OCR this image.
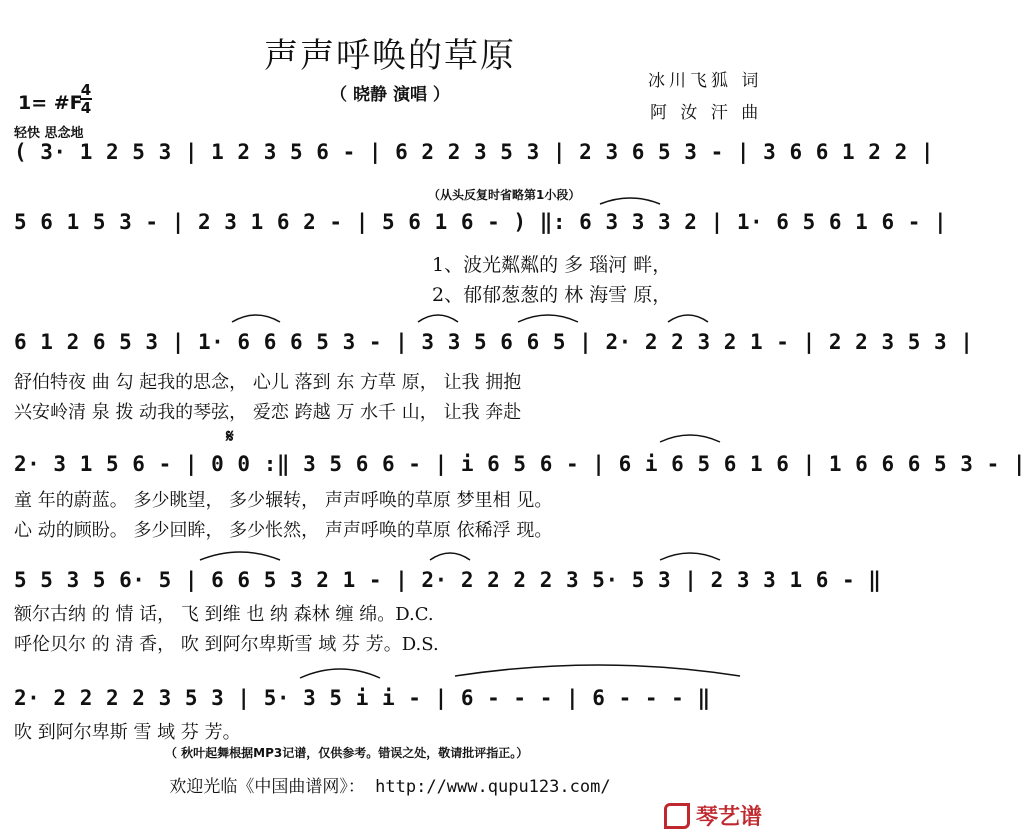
声声呼唤的草原
（ 晓静 演唱 ）
冰川飞狐 词
阿 汝 汗 曲
1= #F
4
4
轻快 思念地
( 3· 1 2 5 3 | 1 2 3 5 6 - | 6 2 2 3 5 3 | 2 3 6 5 3 - | 3 6 6 1 2 2 |
（从头反复时省略第1小段）
5 6 1 5 3 - | 2 3 1 6 2 - | 5 6 1 6 - ) ‖: 6 3 3 3 2 | 1· 6 5 6 1 6 - |
1、波光粼粼的 多 瑙河 畔，
2、郁郁葱葱的 林 海雪 原，
6 1 2 6 5 3 | 1· 6 6 6 5 3 - | 3 3 5 6 6 5 | 2· 2 2 3 2 1 - | 2 2 3 5 3 |
舒伯特夜 曲 勾 起我的思念， 心儿 落到 东 方草 原， 让我 拥抱
兴安岭清 泉 拨 动我的琴弦， 爱恋 跨越 万 水千 山， 让我 奔赴
𝄋
2· 3 1 5 6 - | 0 0 :‖ 3 5 6 6 - | i 6 5 6 - | 6 i 6 5 6 1 6 | 1 6 6 6 5 3 - |
童 年的蔚蓝。 多少眺望， 多少辗转， 声声呼唤的草原 梦里相 见。
心 动的顾盼。 多少回眸， 多少怅然， 声声呼唤的草原 依稀浮 现。
5 5 3 5 6· 5 | 6 6 5 3 2 1 - | 2· 2 2 2 2 3 5· 5 3 | 2 3 3 1 6 - ‖
额尔古纳 的 情 话， 飞 到维 也 纳 森林 缠 绵。D.C.
呼伦贝尔 的 清 香， 吹 到阿尔卑斯雪 域 芬 芳。D.S.
2· 2 2 2 2 3 5 3 | 5· 3 5 i i - | 6 - - - | 6 - - - ‖
吹 到阿尔卑斯 雪 域 芬 芳。
（ 秋叶起舞根据MP3记谱，仅供参考。错误之处，敬请批评指正。）
欢迎光临《中国曲谱网》： http://www.qupu123.com/
琴艺谱
